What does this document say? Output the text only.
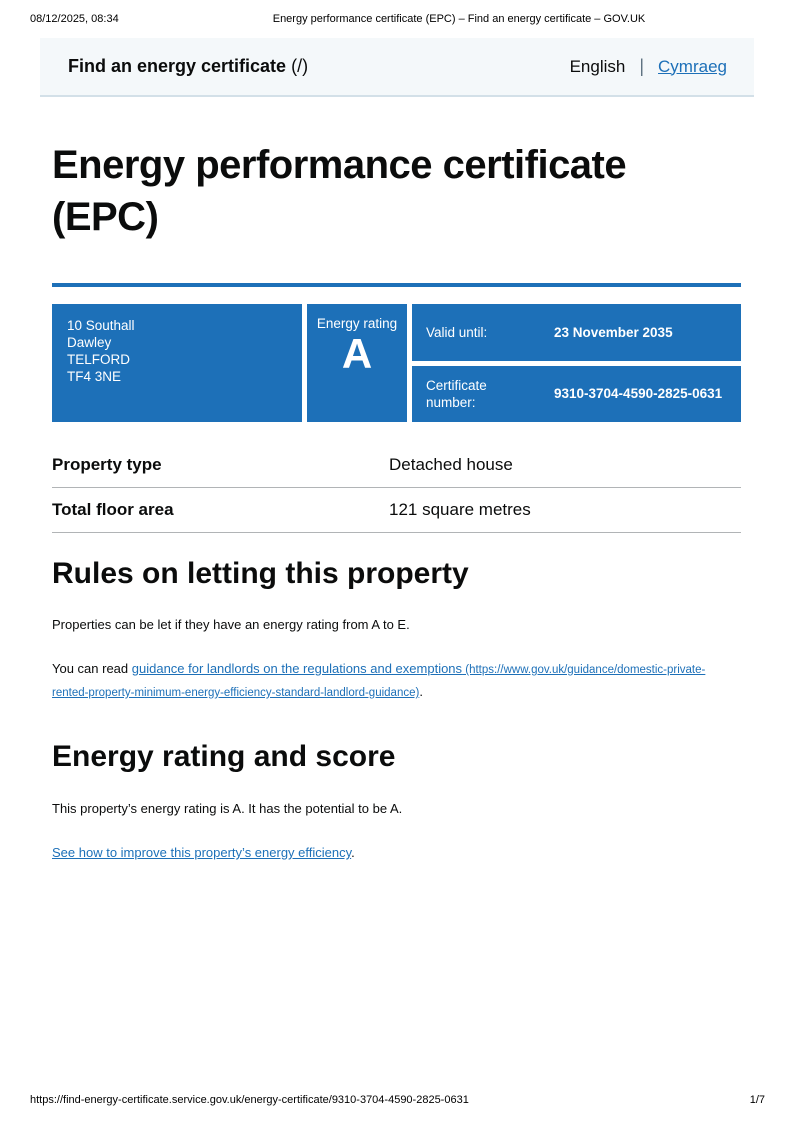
08/12/2025, 08:34	Energy performance certificate (EPC) – Find an energy certificate – GOV.UK
Find an energy certificate (/)	English | Cymraeg
Energy performance certificate (EPC)
10 Southall
Dawley
TELFORD
TF4 3NE
Energy rating
A	Valid until:	23 November 2035
Certificate number:
9310-3704-4590-2825-0631
Property type	Detached house
Total floor area	121 square metres
Rules on letting this property

Properties can be let if they have an energy rating from A to E.

You can read guidance for landlords on the regulations and exemptions (https://www.gov.uk/guidance/domestic-private-rented-property-minimum-energy-efficiency-standard-landlord-guidance).

Energy rating and score

This property’s energy rating is A. It has the potential to be A.

See how to improve this property’s energy efficiency.

https://find-energy-certificate.service.gov.uk/energy-certificate/9310-3704-4590-2825-0631	1/7
